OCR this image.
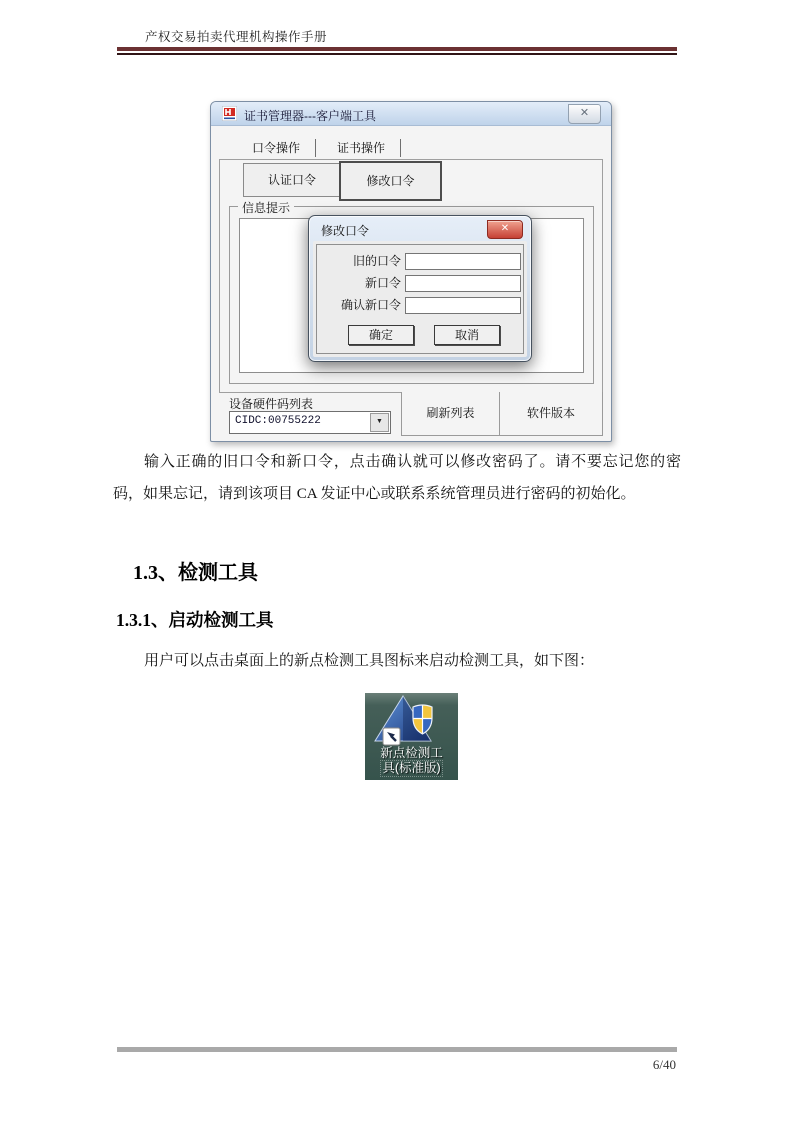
产权交易拍卖代理机构操作手册
证书管理器---客户端工具	✕
口令操作	证书操作
认证口令	修改口令
信息提示
设备硬件码列表
CIDC:00755222	▼
刷新列表	软件版本
修改口令	✕
旧的口令
新口令
确认新口令
确定	取消
输入正确的旧口令和新口令，点击确认就可以修改密码了。请不要忘记您的密码，如果忘记，请到该项目 CA 发证中心或联系系统管理员进行密码的初始化。
1.3、检测工具
1.3.1、启动检测工具
用户可以点击桌面上的新点检测工具图标来启动检测工具，如下图：
新点检测工
具(标准版)
6/40
